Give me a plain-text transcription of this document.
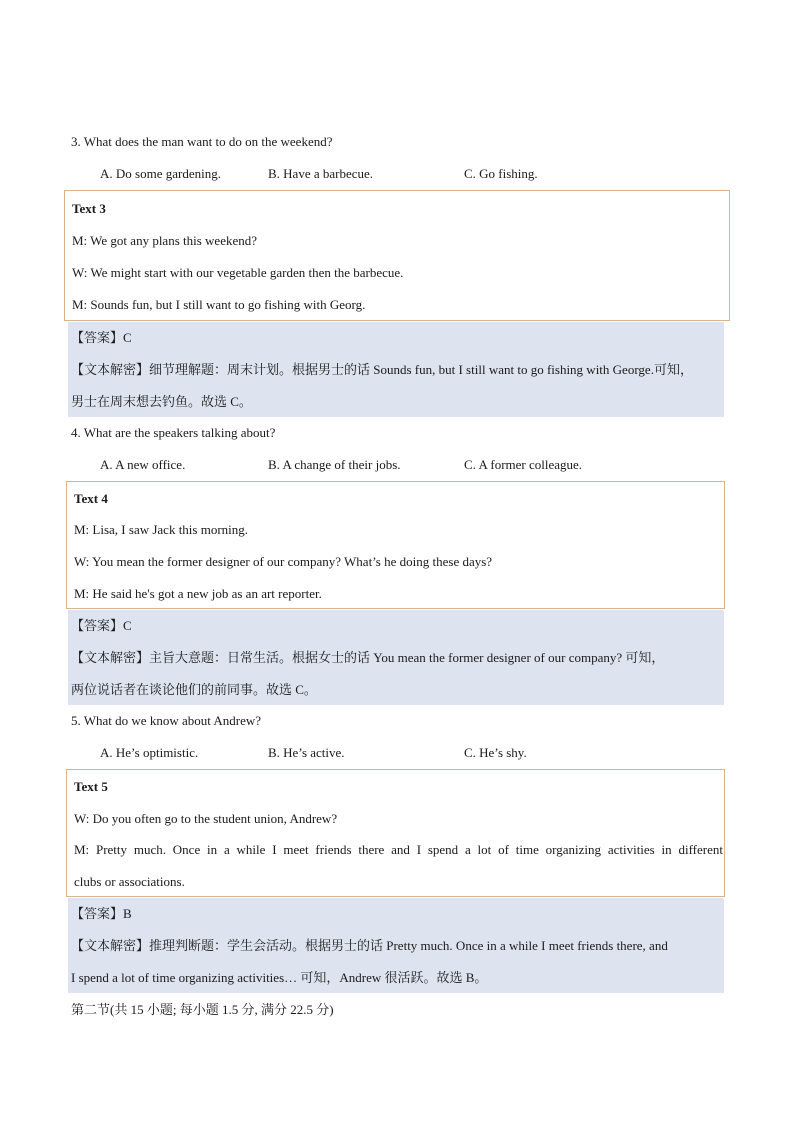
3. What does the man want to do on the weekend?
A. Do some gardening.	B. Have a barbecue.	C. Go fishing.
Text 3
M: We got any plans this weekend?
W: We might start with our vegetable garden then the barbecue.
M: Sounds fun, but I still want to go fishing with Georg.
【答案】C
【文本解密】细节理解题：周末计划。根据男士的话 Sounds fun, but I still want to go fishing with George.可知，
男士在周末想去钓鱼。故选 C。
4. What are the speakers talking about?
A. A new office.	B. A change of their jobs.	C. A former colleague.
Text 4
M: Lisa, I saw Jack this morning.
W: You mean the former designer of our company? What’s he doing these days?
M: He said he's got a new job as an art reporter.
【答案】C
【文本解密】主旨大意题：日常生活。根据女士的话 You mean the former designer of our company? 可知，
两位说话者在谈论他们的前同事。故选 C。
5. What do we know about Andrew?
A. He’s optimistic.	B. He’s active.	C. He’s shy.
Text 5
W: Do you often go to the student union, Andrew?
M: Pretty much. Once in a while I meet friends there and I spend a lot of time organizing activities in different
clubs or associations.
【答案】B
【文本解密】推理判断题：学生会活动。根据男士的话 Pretty much. Once in a while I meet friends there, and
I spend a lot of time organizing activities… 可知，Andrew 很活跃。故选 B。
第二节(共 15 小题; 每小题 1.5 分, 满分 22.5 分)
